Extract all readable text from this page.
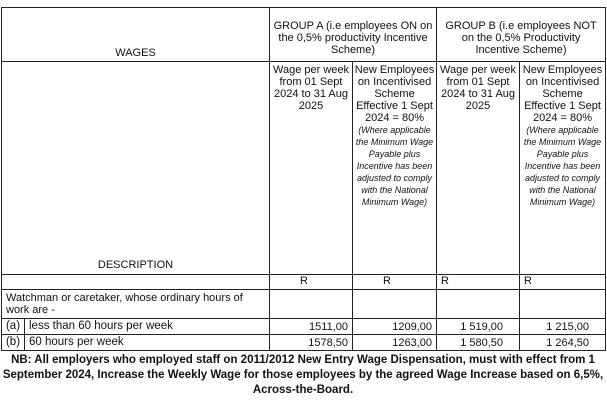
WAGES	GROUP A (i.e employees ON on the 0,5% productivity Incentive Scheme)		GROUP B (i.e employees NOT on the 0,5% Productivity Incentive Scheme)	
DESCRIPTION	Wage per week from 01 Sept 2024 to 31 Aug 2025	New Employees on Incentivised Scheme Effective 1 Sept 2024 = 80% (Where applicable the Minimum Wage Payable plus Incentive has been adjusted to comply with the National Minimum Wage)	Wage per week from 01 Sept 2024 to 31 Aug 2025	New Employees on Incentivised Scheme Effective 1 Sept 2024 = 80% (Where applicable the Minimum Wage Payable plus Incentive has been adjusted to comply with the National Minimum Wage)
	R	R	R	R
Watchman or caretaker, whose ordinary hours of work are -				

(a) less than 60 hours per week	1511,00	1209,00	1 519,00	1 215,00

(b) 60 hours per week	1578,50	1263,00	1 580,50	1 264,50
NB: All employers who employed staff on 2011/2012 New Entry Wage Dispensation, must with effect from 1 September 2024, Increase the Weekly Wage for those employees by the agreed Wage Increase based on 6,5%, Across-the-Board.
